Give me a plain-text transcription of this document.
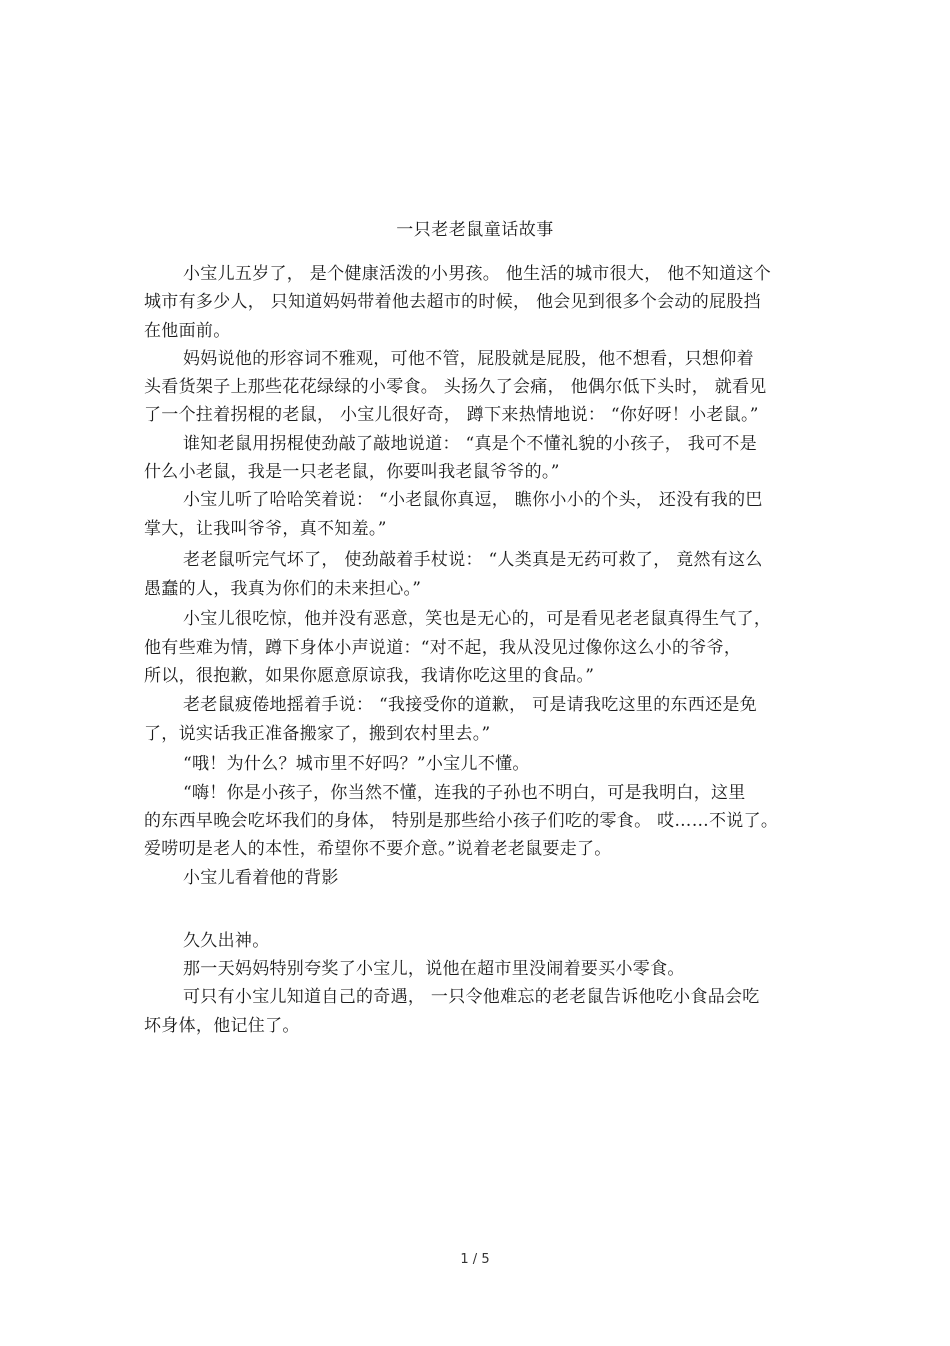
一只老老鼠童话故事
小宝儿五岁了， 是个健康活泼的小男孩。 他生活的城市很大， 他不知道这个
城市有多少人， 只知道妈妈带着他去超市的时候， 他会见到很多个会动的屁股挡
在他面前。
妈妈说他的形容词不雅观，可他不管，屁股就是屁股，他不想看，只想仰着
头看货架子上那些花花绿绿的小零食。 头扬久了会痛， 他偶尔低下头时， 就看见
了一个拄着拐棍的老鼠， 小宝儿很好奇， 蹲下来热情地说： “你好呀！小老鼠。”
谁知老鼠用拐棍使劲敲了敲地说道： “真是个不懂礼貌的小孩子， 我可不是
什么小老鼠，我是一只老老鼠，你要叫我老鼠爷爷的。”
小宝儿听了哈哈笑着说： “小老鼠你真逗， 瞧你小小的个头， 还没有我的巴
掌大，让我叫爷爷，真不知羞。”
老老鼠听完气坏了， 使劲敲着手杖说： “人类真是无药可救了， 竟然有这么
愚蠢的人，我真为你们的未来担心。”
小宝儿很吃惊，他并没有恶意，笑也是无心的，可是看见老老鼠真得生气了，
他有些难为情，蹲下身体小声说道：“对不起，我从没见过像你这么小的爷爷，
所以，很抱歉，如果你愿意原谅我，我请你吃这里的食品。”
老老鼠疲倦地摇着手说： “我接受你的道歉， 可是请我吃这里的东西还是免
了，说实话我正准备搬家了，搬到农村里去。”
“哦！为什么？城市里不好吗？”小宝儿不懂。
“嗨！你是小孩子，你当然不懂，连我的子孙也不明白，可是我明白，这里
的东西早晚会吃坏我们的身体， 特别是那些给小孩子们吃的零食。 哎……不说了。
爱唠叨是老人的本性，希望你不要介意。”说着老老鼠要走了。
小宝儿看着他的背影
久久出神。
那一天妈妈特别夸奖了小宝儿，说他在超市里没闹着要买小零食。
可只有小宝儿知道自己的奇遇， 一只令他难忘的老老鼠告诉他吃小食品会吃
坏身体，他记住了。
1 / 5
